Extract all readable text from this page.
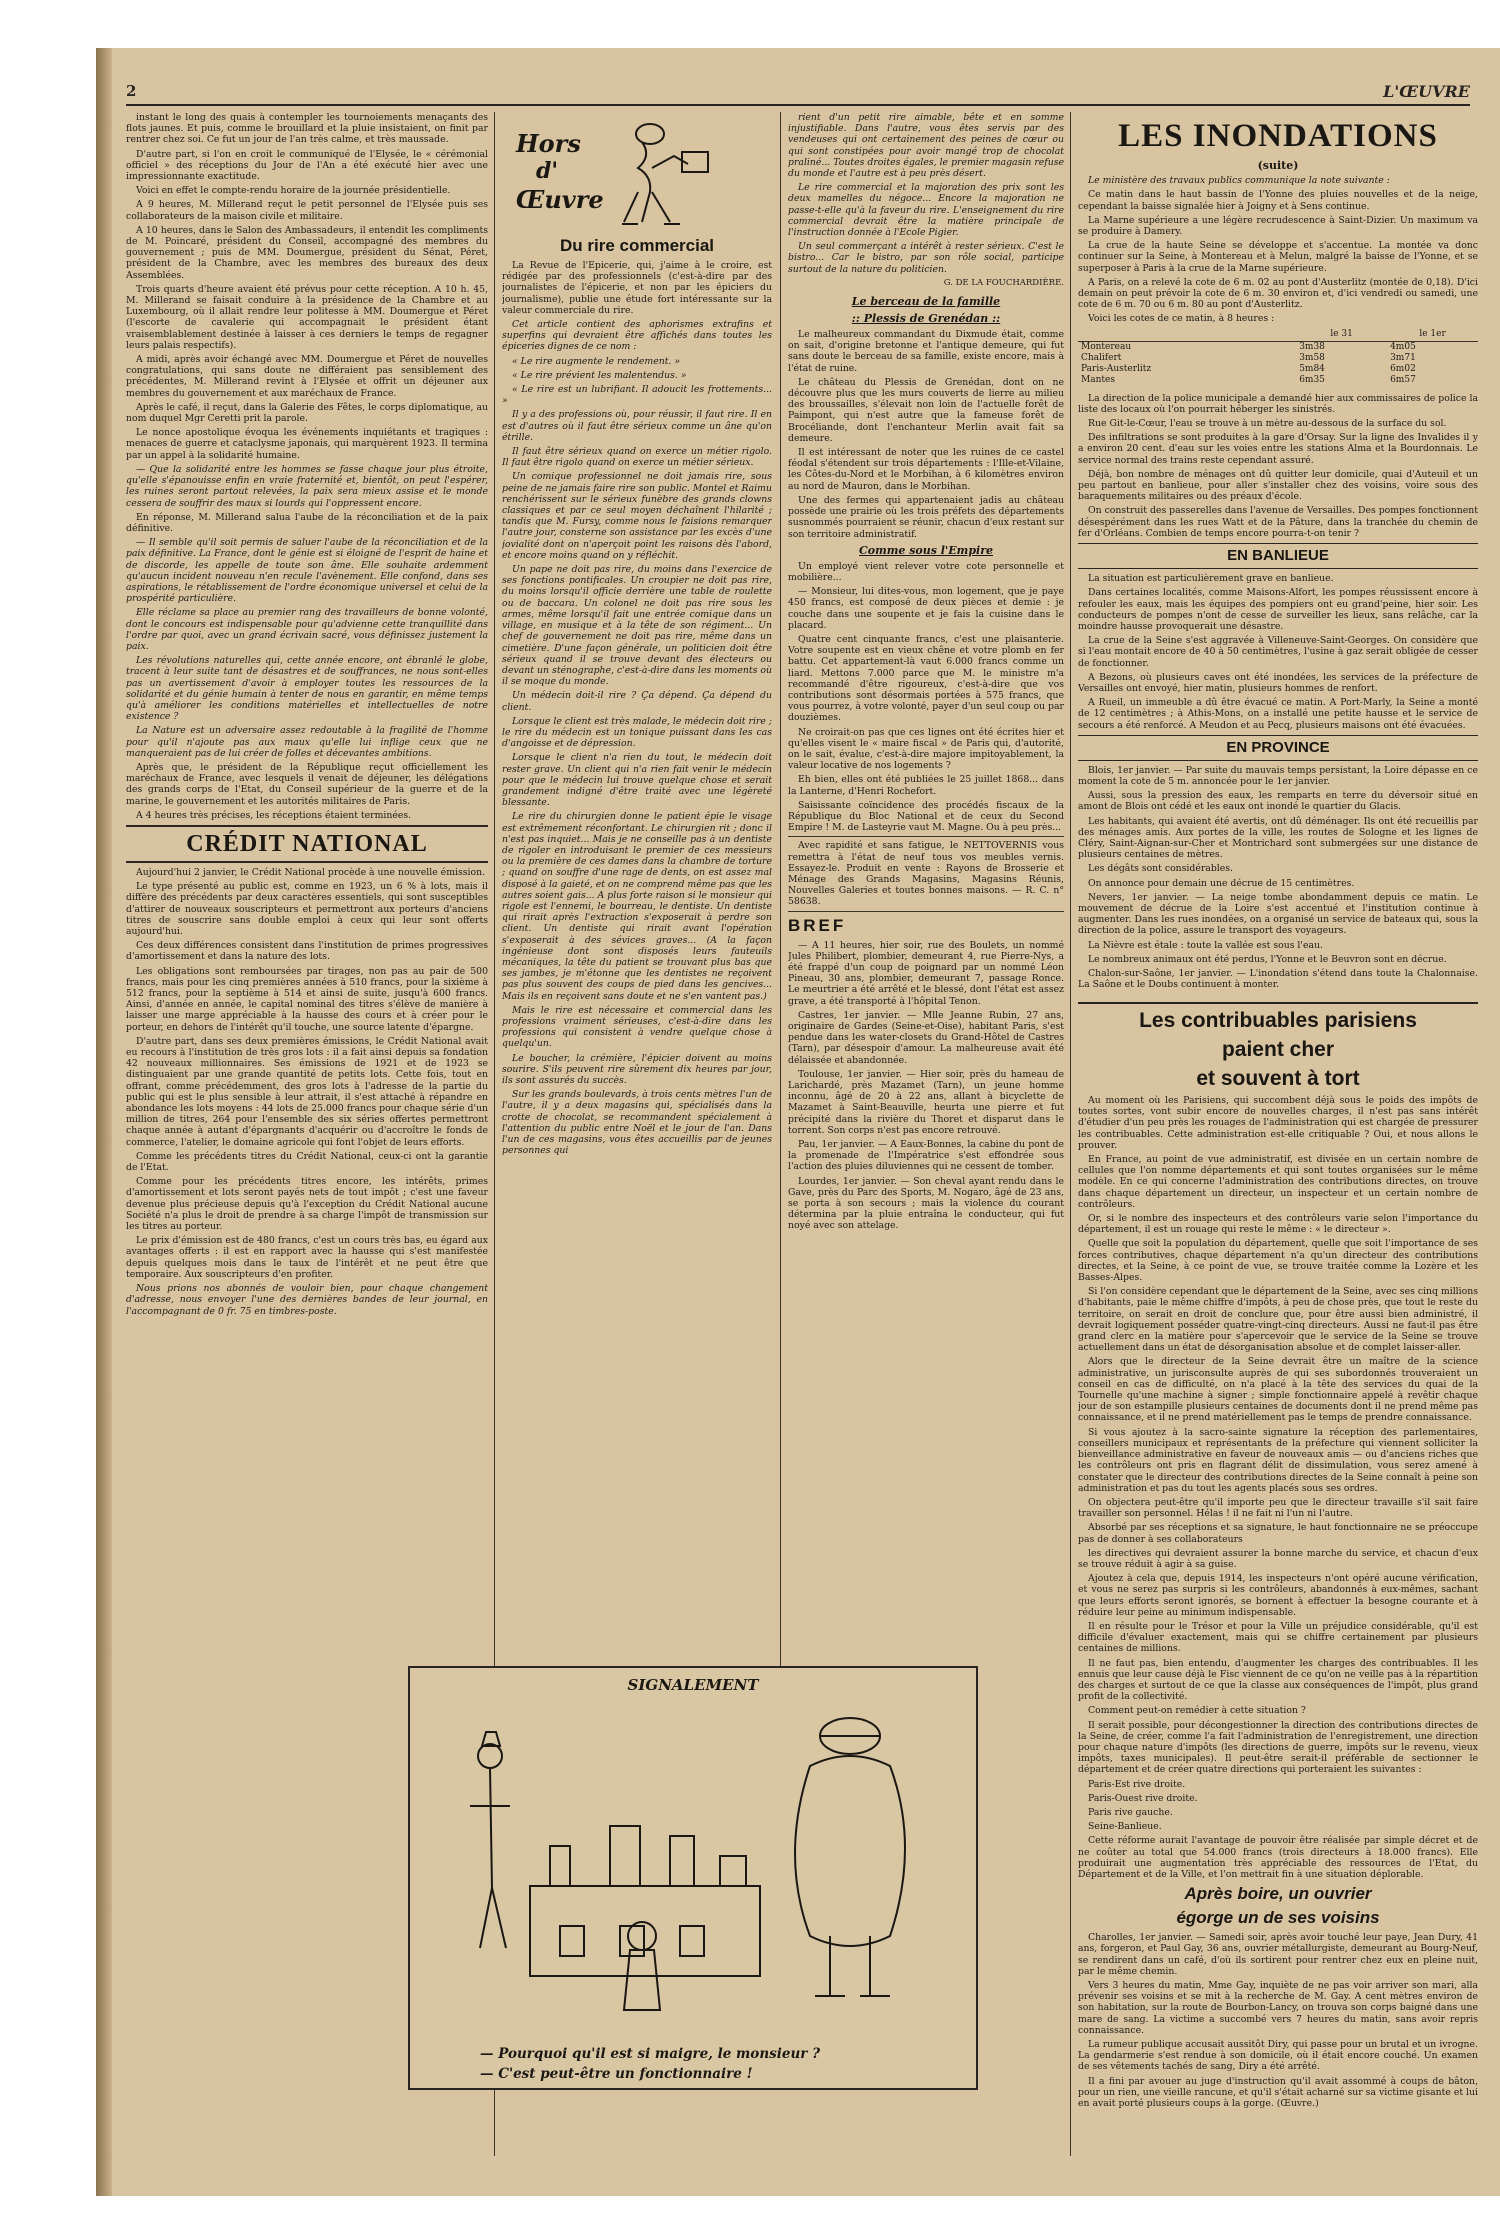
2	L'ŒUVRE

instant le long des quais à contempler les tournoiements menaçants des flots jaunes. Et puis, comme le brouillard et la pluie insistaient, on finit par rentrer chez soi. Ce fut un jour de l'an très calme, et très maussade.

D'autre part, si l'on en croit le communiqué de l'Elysée, le « cérémonial officiel » des réceptions du Jour de l'An a été exécuté hier avec une impressionnante exactitude.

Voici en effet le compte-rendu horaire de la journée présidentielle.

A 9 heures, M. Millerand reçut le petit personnel de l'Elysée puis ses collaborateurs de la maison civile et militaire.

A 10 heures, dans le Salon des Ambassadeurs, il entendit les compliments de M. Poincaré, président du Conseil, accompagné des membres du gouvernement ; puis de MM. Doumergue, président du Sénat, Péret, président de la Chambre, avec les membres des bureaux des deux Assemblées.

Trois quarts d'heure avaient été prévus pour cette réception. A 10 h. 45, M. Millerand se faisait conduire à la présidence de la Chambre et au Luxembourg, où il allait rendre leur politesse à MM. Doumergue et Péret (l'escorte de cavalerie qui accompagnait le président étant vraisemblablement destinée à laisser à ces derniers le temps de regagner leurs palais respectifs).

A midi, après avoir échangé avec MM. Doumergue et Péret de nouvelles congratulations, qui sans doute ne différaient pas sensiblement des précédentes, M. Millerand revint à l'Elysée et offrit un déjeuner aux membres du gouvernement et aux maréchaux de France.

Après le café, il reçut, dans la Galerie des Fêtes, le corps diplomatique, au nom duquel Mgr Ceretti prit la parole.

Le nonce apostolique évoqua les événements inquiétants et tragiques : menaces de guerre et cataclysme japonais, qui marquèrent 1923. Il termina par un appel à la solidarité humaine.

— Que la solidarité entre les hommes se fasse chaque jour plus étroite, qu'elle s'épanouisse enfin en vraie fraternité et, bientôt, on peut l'espérer, les ruines seront partout relevées, la paix sera mieux assise et le monde cessera de souffrir des maux si lourds qui l'oppressent encore.

En réponse, M. Millerand salua l'aube de la réconciliation et de la paix définitive.

— Il semble qu'il soit permis de saluer l'aube de la réconciliation et de la paix définitive. La France, dont le génie est si éloigné de l'esprit de haine et de discorde, les appelle de toute son âme. Elle souhaite ardemment qu'aucun incident nouveau n'en recule l'avènement. Elle confond, dans ses aspirations, le rétablissement de l'ordre économique universel et celui de la prospérité particulière.

Elle réclame sa place au premier rang des travailleurs de bonne volonté, dont le concours est indispensable pour qu'advienne cette tranquillité dans l'ordre par quoi, avec un grand écrivain sacré, vous définissez justement la paix.

Les révolutions naturelles qui, cette année encore, ont ébranlé le globe, tracent à leur suite tant de désastres et de souffrances, ne nous sont-elles pas un avertissement d'avoir à employer toutes les ressources de la solidarité et du génie humain à tenter de nous en garantir, en même temps qu'à améliorer les conditions matérielles et intellectuelles de notre existence ?

La Nature est un adversaire assez redoutable à la fragilité de l'homme pour qu'il n'ajoute pas aux maux qu'elle lui inflige ceux que ne manqueraient pas de lui créer de folles et décevantes ambitions.

Après que, le président de la République reçut officiellement les maréchaux de France, avec lesquels il venait de déjeuner, les délégations des grands corps de l'Etat, du Conseil supérieur de la guerre et de la marine, le gouvernement et les autorités militaires de Paris.

A 4 heures très précises, les réceptions étaient terminées.

CRÉDIT NATIONAL

Aujourd'hui 2 janvier, le Crédit National procède à une nouvelle émission.

Le type présenté au public est, comme en 1923, un 6 % à lots, mais il diffère des précédents par deux caractères essentiels, qui sont susceptibles d'attirer de nouveaux souscripteurs et permettront aux porteurs d'anciens titres de souscrire sans double emploi à ceux qui leur sont offerts aujourd'hui.

Ces deux différences consistent dans l'institution de primes progressives d'amortissement et dans la nature des lots.

Les obligations sont remboursées par tirages, non pas au pair de 500 francs, mais pour les cinq premières années à 510 francs, pour la sixième à 512 francs, pour la septième à 514 et ainsi de suite, jusqu'à 600 francs. Ainsi, d'année en année, le capital nominal des titres s'élève de manière à laisser une marge appréciable à la hausse des cours et à créer pour le porteur, en dehors de l'intérêt qu'il touche, une source latente d'épargne.

D'autre part, dans ses deux premières émissions, le Crédit National avait eu recours à l'institution de très gros lots : il a fait ainsi depuis sa fondation 42 nouveaux millionnaires. Ses émissions de 1921 et de 1923 se distinguaient par une grande quantité de petits lots. Cette fois, tout en offrant, comme précédemment, des gros lots à l'adresse de la partie du public qui est le plus sensible à leur attrait, il s'est attaché à répandre en abondance les lots moyens : 44 lots de 25.000 francs pour chaque série d'un million de titres, 264 pour l'ensemble des six séries offertes permettront chaque année à autant d'épargnants d'acquérir ou d'accroître le fonds de commerce, l'atelier, le domaine agricole qui font l'objet de leurs efforts.

Comme les précédents titres du Crédit National, ceux-ci ont la garantie de l'Etat.

Comme pour les précédents titres encore, les intérêts, primes d'amortissement et lots seront payés nets de tout impôt ; c'est une faveur devenue plus précieuse depuis qu'à l'exception du Crédit National aucune Société n'a plus le droit de prendre à sa charge l'impôt de transmission sur les titres au porteur.

Le prix d'émission est de 480 francs, c'est un cours très bas, eu égard aux avantages offerts : il est en rapport avec la hausse qui s'est manifestée depuis quelques mois dans le taux de l'intérêt et ne peut être que temporaire. Aux souscripteurs d'en profiter.

Nous prions nos abonnés de vouloir bien, pour chaque changement d'adresse, nous envoyer l'une des dernières bandes de leur journal, en l'accompagnant de 0 fr. 75 en timbres-poste.

Hors
d'
Œuvre
Du rire commercial

La Revue de l'Epicerie, qui, j'aime à le croire, est rédigée par des professionnels (c'est-à-dire par des journalistes de l'épicerie, et non par les épiciers du journalisme), publie une étude fort intéressante sur la valeur commerciale du rire.

Cet article contient des aphorismes extrafins et superfins qui devraient être affichés dans toutes les épiceries dignes de ce nom :

« Le rire augmente le rendement. »

« Le rire prévient les malentendus. »

« Le rire est un lubrifiant. Il adoucit les frottements... »

Il y a des professions où, pour réussir, il faut rire. Il en est d'autres où il faut être sérieux comme un âne qu'on étrille.

Il faut être sérieux quand on exerce un métier rigolo. Il faut être rigolo quand on exerce un métier sérieux.

Un comique professionnel ne doit jamais rire, sous peine de ne jamais faire rire son public. Montel et Raimu renchérissent sur le sérieux funèbre des grands clowns classiques et par ce seul moyen déchaînent l'hilarité ; tandis que M. Fursy, comme nous le faisions remarquer l'autre jour, consterne son assistance par les excès d'une jovialité dont on n'aperçoit point les raisons dès l'abord, et encore moins quand on y réfléchit.

Un pape ne doit pas rire, du moins dans l'exercice de ses fonctions pontificales. Un croupier ne doit pas rire, du moins lorsqu'il officie derrière une table de roulette ou de baccara. Un colonel ne doit pas rire sous les armes, même lorsqu'il fait une entrée comique dans un village, en musique et à la tête de son régiment... Un chef de gouvernement ne doit pas rire, même dans un cimetière. D'une façon générale, un politicien doit être sérieux quand il se trouve devant des électeurs ou devant un sténographe, c'est-à-dire dans les moments où il se moque du monde.

Un médecin doit-il rire ? Ça dépend. Ça dépend du client.

Lorsque le client est très malade, le médecin doit rire ; le rire du médecin est un tonique puissant dans les cas d'angoisse et de dépression.

Lorsque le client n'a rien du tout, le médecin doit rester grave. Un client qui n'a rien fait venir le médecin pour que le médecin lui trouve quelque chose et serait grandement indigné d'être traité avec une légèreté blessante.

Le rire du chirurgien donne le patient épie le visage est extrêmement réconfortant. Le chirurgien rit ; donc il n'est pas inquiet... Mais je ne conseille pas à un dentiste de rigoler en introduisant le premier de ces messieurs ou la première de ces dames dans la chambre de torture ; quand on souffre d'une rage de dents, on est assez mal disposé à la gaieté, et on ne comprend même pas que les autres soient gais... A plus forte raison si le monsieur qui rigole est l'ennemi, le bourreau, le dentiste. Un dentiste qui rirait après l'extraction s'exposerait à perdre son client. Un dentiste qui rirait avant l'opération s'exposerait à des sévices graves... (A la façon ingénieuse dont sont disposés leurs fauteuils mécaniques, la tête du patient se trouvant plus bas que ses jambes, je m'étonne que les dentistes ne reçoivent pas plus souvent des coups de pied dans les gencives... Mais ils en reçoivent sans doute et ne s'en vantent pas.)

Mais le rire est nécessaire et commercial dans les professions vraiment sérieuses, c'est-à-dire dans les professions qui consistent à vendre quelque chose à quelqu'un.

Le boucher, la crémière, l'épicier doivent au moins sourire. S'ils peuvent rire sûrement dix heures par jour, ils sont assurés du succès.

Sur les grands boulevards, à trois cents mètres l'un de l'autre, il y a deux magasins qui, spécialisés dans la crotte de chocolat, se recommandent spécialement à l'attention du public entre Noël et le jour de l'an. Dans l'un de ces magasins, vous êtes accueillis par de jeunes personnes qui

rient d'un petit rire aimable, bête et en somme injustifiable. Dans l'autre, vous êtes servis par des vendeuses qui ont certainement des peines de cœur ou qui sont constipées pour avoir mangé trop de chocolat praliné... Toutes droites égales, le premier magasin refuse du monde et l'autre est à peu près désert.

Le rire commercial et la majoration des prix sont les deux mamelles du négoce... Encore la majoration ne passe-t-elle qu'à la faveur du rire. L'enseignement du rire commercial devrait être la matière principale de l'instruction donnée à l'Ecole Pigier.

Un seul commerçant a intérêt à rester sérieux. C'est le bistro... Car le bistro, par son rôle social, participe surtout de la nature du politicien.

G. DE LA FOUCHARDIÈRE.
Le berceau de la famille
:: Plessis de Grenédan ::

Le malheureux commandant du Dixmude était, comme on sait, d'origine bretonne et l'antique demeure, qui fut sans doute le berceau de sa famille, existe encore, mais à l'état de ruine.

Le château du Plessis de Grenédan, dont on ne découvre plus que les murs couverts de lierre au milieu des broussailles, s'élevait non loin de l'actuelle forêt de Paimpont, qui n'est autre que la fameuse forêt de Brocéliande, dont l'enchanteur Merlin avait fait sa demeure.

Il est intéressant de noter que les ruines de ce castel féodal s'étendent sur trois départements : l'Ille-et-Vilaine, les Côtes-du-Nord et le Morbihan, à 6 kilomètres environ au nord de Mauron, dans le Morbihan.

Une des fermes qui appartenaient jadis au château possède une prairie où les trois préfets des départements susnommés pourraient se réunir, chacun d'eux restant sur son territoire administratif.

Comme sous l'Empire

Un employé vient relever votre cote personnelle et mobilière...

— Monsieur, lui dites-vous, mon logement, que je paye 450 francs, est composé de deux pièces et demie : je couche dans une soupente et je fais la cuisine dans le placard.

Quatre cent cinquante francs, c'est une plaisanterie. Votre soupente est en vieux chêne et votre plomb en fer battu. Cet appartement-là vaut 6.000 francs comme un liard. Mettons 7.000 parce que M. le ministre m'a recommandé d'être rigoureux, c'est-à-dire que vos contributions sont désormais portées à 575 francs, que vous pourrez, à votre volonté, payer d'un seul coup ou par douzièmes.

Ne croirait-on pas que ces lignes ont été écrites hier et qu'elles visent le « maire fiscal » de Paris qui, d'autorité, on le sait, évalue, c'est-à-dire majore impitoyablement, la valeur locative de nos logements ?

Eh bien, elles ont été publiées le 25 juillet 1868... dans la Lanterne, d'Henri Rochefort.

Saisissante coïncidence des procédés fiscaux de la République du Bloc National et de ceux du Second Empire ! M. de Lasteyrie vaut M. Magne. Ou à peu près...

Avec rapidité et sans fatigue, le NETTOVERNIS vous remettra à l'état de neuf tous vos meubles vernis. Essayez-le. Produit en vente : Rayons de Brosserie et Ménage des Grands Magasins, Magasins Réunis, Nouvelles Galeries et toutes bonnes maisons. — R. C. n° 58638.

BREF

— A 11 heures, hier soir, rue des Boulets, un nommé Jules Philibert, plombier, demeurant 4, rue Pierre-Nys, a été frappé d'un coup de poignard par un nommé Léon Pineau, 30 ans, plombier, demeurant 7, passage Ronce. Le meurtrier a été arrêté et le blessé, dont l'état est assez grave, a été transporté à l'hôpital Tenon.

Castres, 1er janvier. — Mlle Jeanne Rubin, 27 ans, originaire de Gardes (Seine-et-Oise), habitant Paris, s'est pendue dans les water-closets du Grand-Hôtel de Castres (Tarn), par désespoir d'amour. La malheureuse avait été délaissée et abandonnée.

Toulouse, 1er janvier. — Hier soir, près du hameau de Larichardé, près Mazamet (Tarn), un jeune homme inconnu, âgé de 20 à 22 ans, allant à bicyclette de Mazamet à Saint-Beauville, heurta une pierre et fut précipité dans la rivière du Thoret et disparut dans le torrent. Son corps n'est pas encore retrouvé.

Pau, 1er janvier. — A Eaux-Bonnes, la cabine du pont de la promenade de l'Impératrice s'est effondrée sous l'action des pluies diluviennes qui ne cessent de tomber.

Lourdes, 1er janvier. — Son cheval ayant rendu dans le Gave, près du Parc des Sports, M. Nogaro, âgé de 23 ans, se porta à son secours ; mais la violence du courant détermina par la pluie entraîna le conducteur, qui fut noyé avec son attelage.

SIGNALEMENT
— Pourquoi qu'il est si maigre, le monsieur ?
— C'est peut-être un fonctionnaire !
LES INONDATIONS
(suite)

Le ministère des travaux publics communique la note suivante :

Ce matin dans le haut bassin de l'Yonne des pluies nouvelles et de la neige, cependant la baisse signalée hier à Joigny et à Sens continue.

La Marne supérieure a une légère recrudescence à Saint-Dizier. Un maximum va se produire à Damery.

La crue de la haute Seine se développe et s'accentue. La montée va donc continuer sur la Seine, à Montereau et à Melun, malgré la baisse de l'Yonne, et se superposer à Paris à la crue de la Marne supérieure.

A Paris, on a relevé la cote de 6 m. 02 au pont d'Austerlitz (montée de 0,18). D'ici demain on peut prévoir la cote de 6 m. 30 environ et, d'ici vendredi ou samedi, une cote de 6 m. 70 ou 6 m. 80 au pont d'Austerlitz.

Voici les cotes de ce matin, à 8 heures :

	le 31	le 1er
Montereau	3m38	4m05
Chalifert	3m58	3m71
Paris-Austerlitz	5m84	6m02
Mantes	6m35	6m57

La direction de la police municipale a demandé hier aux commissaires de police la liste des locaux où l'on pourrait héberger les sinistrés.

Rue Git-le-Cœur, l'eau se trouve à un mètre au-dessous de la surface du sol.

Des infiltrations se sont produites à la gare d'Orsay. Sur la ligne des Invalides il y a environ 20 cent. d'eau sur les voies entre les stations Alma et la Bourdonnais. Le service normal des trains reste cependant assuré.

Déjà, bon nombre de ménages ont dû quitter leur domicile, quai d'Auteuil et un peu partout en banlieue, pour aller s'installer chez des voisins, voire sous des baraquements militaires ou des préaux d'école.

On construit des passerelles dans l'avenue de Versailles. Des pompes fonctionnent désespérément dans les rues Watt et de la Pâture, dans la tranchée du chemin de fer d'Orléans. Combien de temps encore pourra-t-on tenir ?

EN BANLIEUE

La situation est particulièrement grave en banlieue.

Dans certaines localités, comme Maisons-Alfort, les pompes réussissent encore à refouler les eaux, mais les équipes des pompiers ont eu grand'peine, hier soir. Les conducteurs de pompes n'ont de cesse de surveiller les lieux, sans relâche, car la moindre hausse provoquerait une désastre.

La crue de la Seine s'est aggravée à Villeneuve-Saint-Georges. On considère que si l'eau montait encore de 40 à 50 centimètres, l'usine à gaz serait obligée de cesser de fonctionner.

A Bezons, où plusieurs caves ont été inondées, les services de la préfecture de Versailles ont envoyé, hier matin, plusieurs hommes de renfort.

A Rueil, un immeuble a dû être évacué ce matin. A Port-Marly, la Seine a monté de 12 centimètres ; à Athis-Mons, on a installé une petite hausse et le service de secours a été renforcé. A Meudon et au Pecq, plusieurs maisons ont été évacuées.

EN PROVINCE

Blois, 1er janvier. — Par suite du mauvais temps persistant, la Loire dépasse en ce moment la cote de 5 m. annoncée pour le 1er janvier.

Aussi, sous la pression des eaux, les remparts en terre du déversoir situé en amont de Blois ont cédé et les eaux ont inondé le quartier du Glacis.

Les habitants, qui avaient été avertis, ont dû déménager. Ils ont été recueillis par des ménages amis. Aux portes de la ville, les routes de Sologne et les lignes de Cléry, Saint-Aignan-sur-Cher et Montrichard sont submergées sur une distance de plusieurs centaines de mètres.

Les dégâts sont considérables.

On annonce pour demain une décrue de 15 centimètres.

Nevers, 1er janvier. — La neige tombe abondamment depuis ce matin. Le mouvement de décrue de la Loire s'est accentué et l'institution continue à augmenter. Dans les rues inondées, on a organisé un service de bateaux qui, sous la direction de la police, assure le transport des voyageurs.

La Nièvre est étale : toute la vallée est sous l'eau.

Le nombreux animaux ont été perdus, l'Yonne et le Beuvron sont en décrue.

Chalon-sur-Saône, 1er janvier. — L'inondation s'étend dans toute la Chalonnaise. La Saône et le Doubs continuent à monter.

Les contribuables parisiens
paient cher
et souvent à tort

Au moment où les Parisiens, qui succombent déjà sous le poids des impôts de toutes sortes, vont subir encore de nouvelles charges, il n'est pas sans intérêt d'étudier d'un peu près les rouages de l'administration qui est chargée de pressurer les contribuables. Cette administration est-elle critiquable ? Oui, et nous allons le prouver.

En France, au point de vue administratif, est divisée en un certain nombre de cellules que l'on nomme départements et qui sont toutes organisées sur le même modèle. En ce qui concerne l'administration des contributions directes, on trouve dans chaque département un directeur, un inspecteur et un certain nombre de contrôleurs.

Or, si le nombre des inspecteurs et des contrôleurs varie selon l'importance du département, il est un rouage qui reste le même : « le directeur ».

Quelle que soit la population du département, quelle que soit l'importance de ses forces contributives, chaque département n'a qu'un directeur des contributions directes, et la Seine, à ce point de vue, se trouve traitée comme la Lozère et les Basses-Alpes.

Si l'on considère cependant que le département de la Seine, avec ses cinq millions d'habitants, paie le même chiffre d'impôts, à peu de chose près, que tout le reste du territoire, on serait en droit de conclure que, pour être aussi bien administré, il devrait logiquement posséder quatre-vingt-cinq directeurs. Aussi ne faut-il pas être grand clerc en la matière pour s'apercevoir que le service de la Seine se trouve actuellement dans un état de désorganisation absolue et de complet laisser-aller.

Alors que le directeur de la Seine devrait être un maître de la science administrative, un jurisconsulte auprès de qui ses subordonnés trouveraient un conseil en cas de difficulté, on n'a placé à la tête des services du quai de la Tournelle qu'une machine à signer ; simple fonctionnaire appelé à revêtir chaque jour de son estampille plusieurs centaines de documents dont il ne prend même pas connaissance, et il ne prend matériellement pas le temps de prendre connaissance.

Si vous ajoutez à la sacro-sainte signature la réception des parlementaires, conseillers municipaux et représentants de la préfecture qui viennent solliciter la bienveillance administrative en faveur de nouveaux amis — ou d'anciens riches que les contrôleurs ont pris en flagrant délit de dissimulation, vous serez amené à constater que le directeur des contributions directes de la Seine connaît à peine son administration et pas du tout les agents placés sous ses ordres.

On objectera peut-être qu'il importe peu que le directeur travaille s'il sait faire travailler son personnel. Hélas ! il ne fait ni l'un ni l'autre.

Absorbé par ses réceptions et sa signature, le haut fonctionnaire ne se préoccupe pas de donner à ses collaborateurs

les directives qui devraient assurer la bonne marche du service, et chacun d'eux se trouve réduit à agir à sa guise.

Ajoutez à cela que, depuis 1914, les inspecteurs n'ont opéré aucune vérification, et vous ne serez pas surpris si les contrôleurs, abandonnés à eux-mêmes, sachant que leurs efforts seront ignorés, se bornent à effectuer la besogne courante et à réduire leur peine au minimum indispensable.

Il en résulte pour le Trésor et pour la Ville un préjudice considérable, qu'il est difficile d'évaluer exactement, mais qui se chiffre certainement par plusieurs centaines de millions.

Il ne faut pas, bien entendu, d'augmenter les charges des contribuables. Il les ennuis que leur cause déjà le Fisc viennent de ce qu'on ne veille pas à la répartition des charges et surtout de ce que la classe aux conséquences de l'impôt, plus grand profit de la collectivité.

Comment peut-on remédier à cette situation ?

Il serait possible, pour décongestionner la direction des contributions directes de la Seine, de créer, comme l'a fait l'administration de l'enregistrement, une direction pour chaque nature d'impôts (les directions de guerre, impôts sur le revenu, vieux impôts, taxes municipales). Il peut-être serait-il préférable de sectionner le département et de créer quatre directions qui porteraient les suivantes :

Paris-Est rive droite.

Paris-Ouest rive droite.

Paris rive gauche.

Seine-Banlieue.

Cette réforme aurait l'avantage de pouvoir être réalisée par simple décret et de ne coûter au total que 54.000 francs (trois directeurs à 18.000 francs). Elle produirait une augmentation très appréciable des ressources de l'Etat, du Département et de la Ville, et l'on mettrait fin à une situation déplorable.

Après boire, un ouvrier
égorge un de ses voisins

Charolles, 1er janvier. — Samedi soir, après avoir touché leur paye, Jean Dury, 41 ans, forgeron, et Paul Gay, 36 ans, ouvrier métallurgiste, demeurant au Bourg-Neuf, se rendirent dans un café, d'où ils sortirent pour rentrer chez eux en pleine nuit, par le même chemin.

Vers 3 heures du matin, Mme Gay, inquiète de ne pas voir arriver son mari, alla prévenir ses voisins et se mit à la recherche de M. Gay. A cent mètres environ de son habitation, sur la route de Bourbon-Lancy, on trouva son corps baigné dans une mare de sang. La victime a succombé vers 7 heures du matin, sans avoir repris connaissance.

La rumeur publique accusait aussitôt Diry, qui passe pour un brutal et un ivrogne. La gendarmerie s'est rendue à son domicile, où il était encore couché. Un examen de ses vêtements tachés de sang, Diry a été arrêté.

Il a fini par avouer au juge d'instruction qu'il avait assommé à coups de bâton, pour un rien, une vieille rancune, et qu'il s'était acharné sur sa victime gisante et lui en avait porté plusieurs coups à la gorge. (Œuvre.)
